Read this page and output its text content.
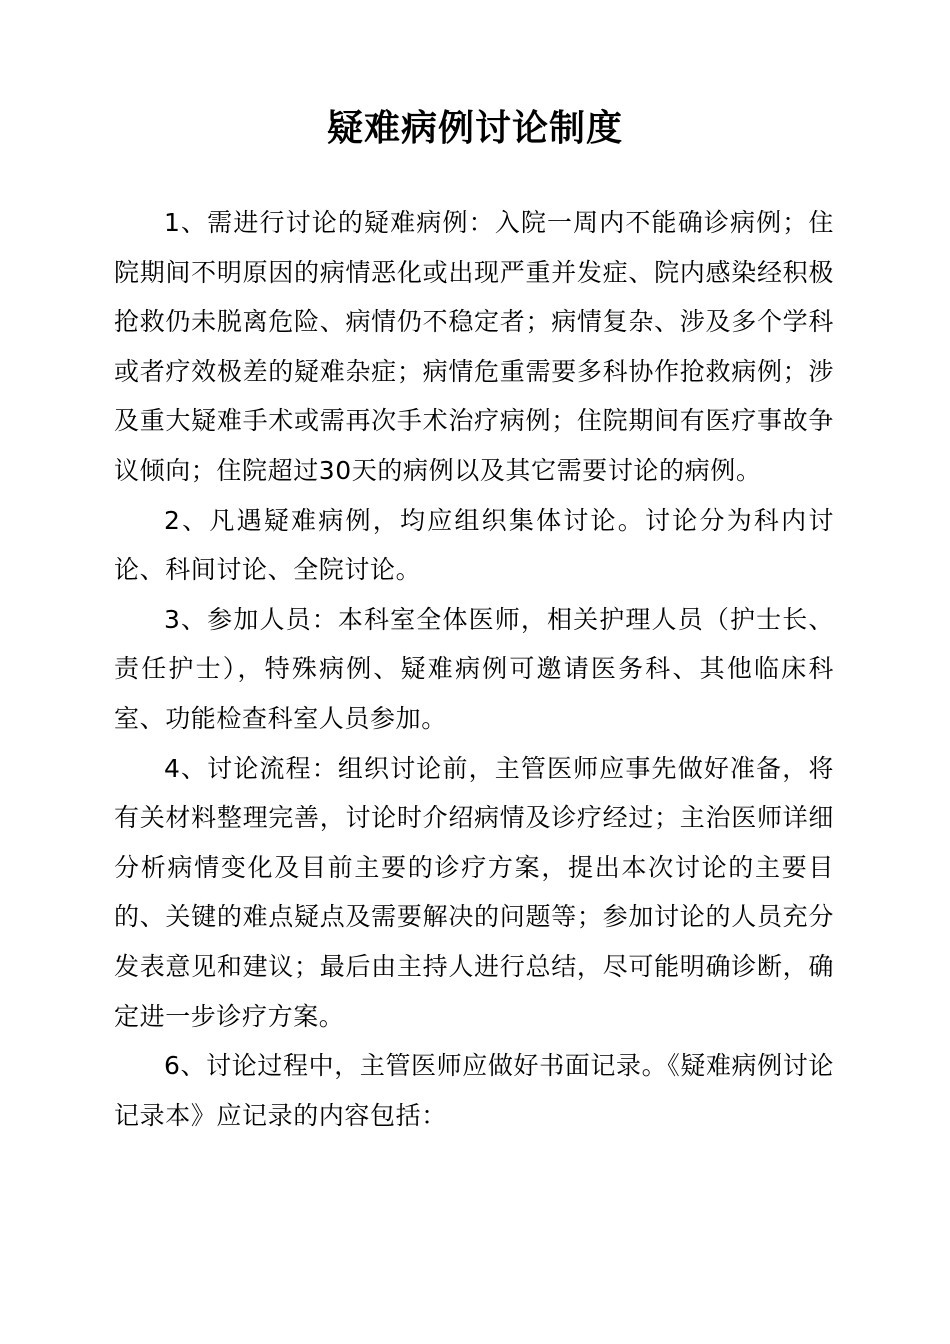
疑难病例讨论制度

1、需进行讨论的疑难病例：入院一周内不能确诊病例；住院期间不明原因的病情恶化或出现严重并发症、院内感染经积极抢救仍未脱离危险、病情仍不稳定者；病情复杂、涉及多个学科或者疗效极差的疑难杂症；病情危重需要多科协作抢救病例；涉及重大疑难手术或需再次手术治疗病例；住院期间有医疗事故争议倾向；住院超过30天的病例以及其它需要讨论的病例。

2、凡遇疑难病例，均应组织集体讨论。讨论分为科内讨论、科间讨论、全院讨论。

3、参加人员：本科室全体医师，相关护理人员（护士长、责任护士），特殊病例、疑难病例可邀请医务科、其他临床科室、功能检查科室人员参加。

4、讨论流程：组织讨论前，主管医师应事先做好准备，将有关材料整理完善，讨论时介绍病情及诊疗经过；主治医师详细分析病情变化及目前主要的诊疗方案，提出本次讨论的主要目的、关键的难点疑点及需要解决的问题等；参加讨论的人员充分发表意见和建议；最后由主持人进行总结，尽可能明确诊断，确定进一步诊疗方案。

6、讨论过程中，主管医师应做好书面记录。《疑难病例讨论记录本》应记录的内容包括：
